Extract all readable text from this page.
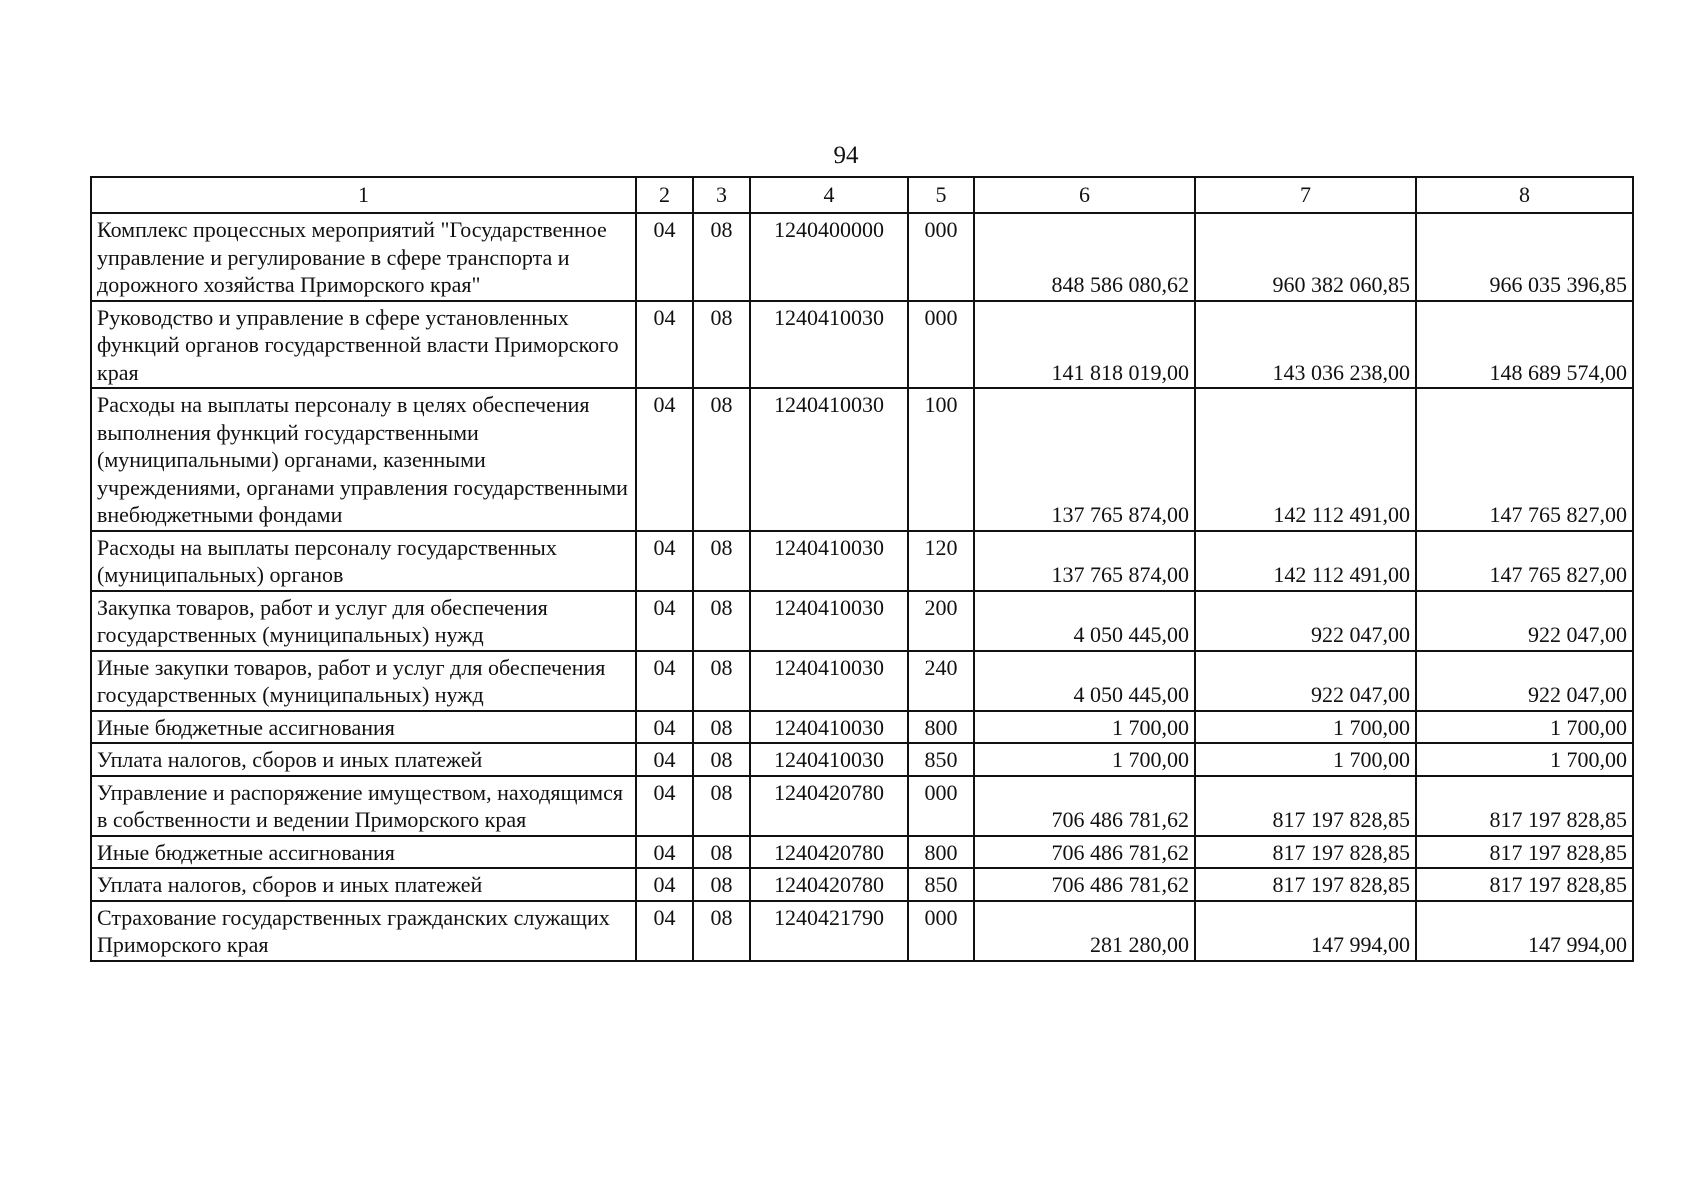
94
1	2	3	4	5	6	7	8
Комплекс процессных мероприятий "Государственное управление и регулирование в сфере транспорта и дорожного хозяйства Приморского края"	04	08	1240400000	000	848 586 080,62	960 382 060,85	966 035 396,85
Руководство и управление в сфере установленных функций органов государственной власти Приморского края	04	08	1240410030	000	141 818 019,00	143 036 238,00	148 689 574,00
Расходы на выплаты персоналу в целях обеспечения выполнения функций государственными (муниципальными) органами, казенными учреждениями, органами управления государственными внебюджетными фондами	04	08	1240410030	100	137 765 874,00	142 112 491,00	147 765 827,00
Расходы на выплаты персоналу государственных (муниципальных) органов	04	08	1240410030	120	137 765 874,00	142 112 491,00	147 765 827,00
Закупка товаров, работ и услуг для обеспечения государственных (муниципальных) нужд	04	08	1240410030	200	4 050 445,00	922 047,00	922 047,00
Иные закупки товаров, работ и услуг для обеспечения государственных (муниципальных) нужд	04	08	1240410030	240	4 050 445,00	922 047,00	922 047,00
Иные бюджетные ассигнования	04	08	1240410030	800	1 700,00	1 700,00	1 700,00
Уплата налогов, сборов и иных платежей	04	08	1240410030	850	1 700,00	1 700,00	1 700,00
Управление и распоряжение имуществом, находящимся в собственности и ведении Приморского края	04	08	1240420780	000	706 486 781,62	817 197 828,85	817 197 828,85
Иные бюджетные ассигнования	04	08	1240420780	800	706 486 781,62	817 197 828,85	817 197 828,85
Уплата налогов, сборов и иных платежей	04	08	1240420780	850	706 486 781,62	817 197 828,85	817 197 828,85
Страхование государственных гражданских служащих Приморского края	04	08	1240421790	000	281 280,00	147 994,00	147 994,00
